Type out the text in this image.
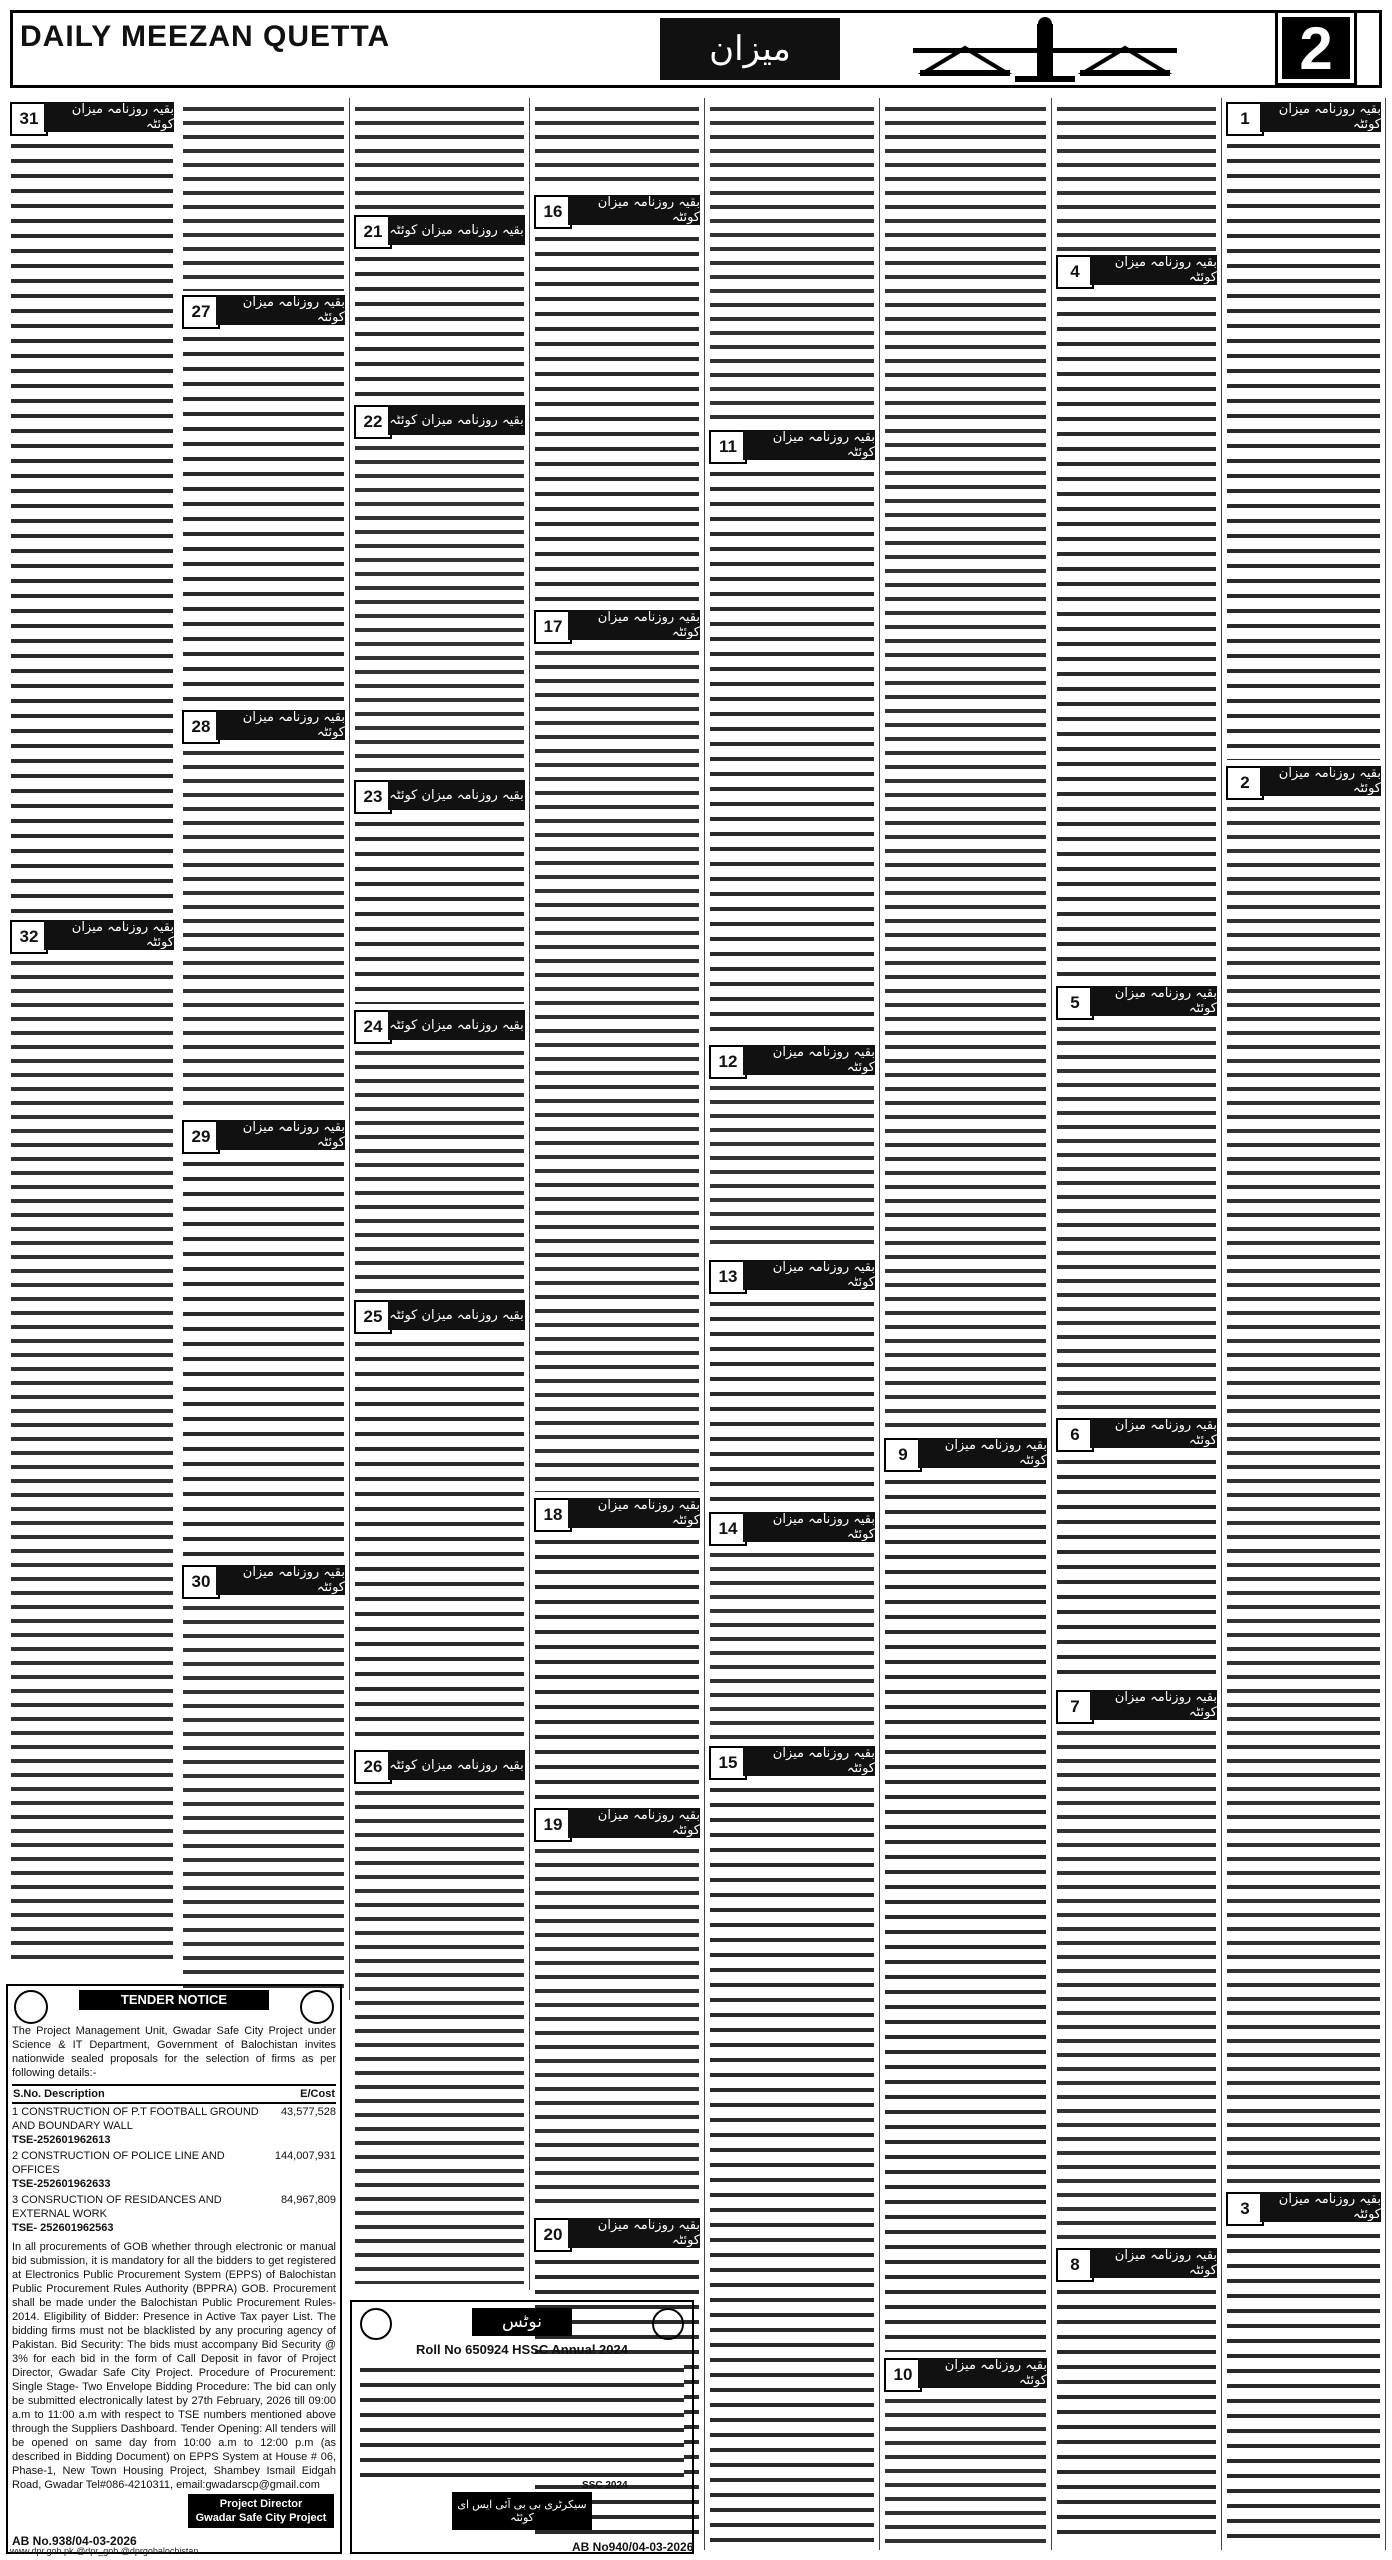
DAILY MEEZAN QUETTA	میزان	2
1	بقیہ روزنامہ میزان کوئٹہ
2	بقیہ روزنامہ میزان کوئٹہ
3	بقیہ روزنامہ میزان کوئٹہ
4	بقیہ روزنامہ میزان کوئٹہ
5	بقیہ روزنامہ میزان کوئٹہ
6	بقیہ روزنامہ میزان کوئٹہ
7	بقیہ روزنامہ میزان کوئٹہ
8	بقیہ روزنامہ میزان کوئٹہ
9	بقیہ روزنامہ میزان کوئٹہ
10	بقیہ روزنامہ میزان کوئٹہ
11	بقیہ روزنامہ میزان کوئٹہ
12	بقیہ روزنامہ میزان کوئٹہ
13	بقیہ روزنامہ میزان کوئٹہ
14	بقیہ روزنامہ میزان کوئٹہ
15	بقیہ روزنامہ میزان کوئٹہ
16	بقیہ روزنامہ میزان کوئٹہ
17	بقیہ روزنامہ میزان کوئٹہ
18	بقیہ روزنامہ میزان کوئٹہ
19	بقیہ روزنامہ میزان کوئٹہ
20	بقیہ روزنامہ میزان کوئٹہ
21 بقیہ روزنامہ میزان کوئٹہ
22 بقیہ روزنامہ میزان کوئٹہ
23 بقیہ روزنامہ میزان کوئٹہ
24 بقیہ روزنامہ میزان کوئٹہ
25 بقیہ روزنامہ میزان کوئٹہ
26 بقیہ روزنامہ میزان کوئٹہ
27	بقیہ روزنامہ میزان کوئٹہ
28	بقیہ روزنامہ میزان کوئٹہ
29	بقیہ روزنامہ میزان کوئٹہ
30	بقیہ روزنامہ میزان کوئٹہ
31	بقیہ روزنامہ میزان کوئٹہ
32	بقیہ روزنامہ میزان کوئٹہ
TENDER NOTICE
The Project Management Unit, Gwadar Safe City Project under Science & IT Department, Government of Balochistan invites nationwide sealed proposals for the selection of firms as per following details:-
S.No. Description	E/Cost
1 CONSTRUCTION OF P.T FOOTBALL GROUND AND BOUNDARY WALL
TSE-252601962613	43,577,528
2 CONSTRUCTION OF POLICE LINE AND OFFICES
TSE-252601962633	144,007,931
3 CONSRUCTION OF RESIDANCES AND EXTERNAL WORK
TSE- 252601962563	84,967,809
In all procurements of GOB whether through electronic or manual bid submission, it is mandatory for all the bidders to get registered at Electronics Public Procurement System (EPPS) of Balochistan Public Procurement Rules Authority (BPPRA) GOB. Procurement shall be made under the Balochistan Public Procurement Rules-2014. Eligibility of Bidder: Presence in Active Tax payer List. The bidding firms must not be blacklisted by any procuring agency of Pakistan. Bid Security: The bids must accompany Bid Security @ 3% for each bid in the form of Call Deposit in favor of Project Director, Gwadar Safe City Project. Procedure of Procurement: Single Stage- Two Envelope Bidding Procedure: The bid can only be submitted electronically latest by 27th February, 2026 till 09:00 a.m to 11:00 a.m with respect to TSE numbers mentioned above through the Suppliers Dashboard. Tender Opening: All tenders will be opened on same day from 10:00 a.m to 12:00 p.m (as described in Bidding Document) on EPPS System at House # 06, Phase-1, New Town Housing Project, Shambey Ismail Eidgah Road, Gwadar Tel#086-4210311, email:gwadarscp@gmail.com
Project Director
Gwadar Safe City Project
AB No.938/04-03-2026
نوٹس
Roll No 650924 HSSC Annual 2024
SSC 2024
سیکرٹری بی بی آئی ایس ای کوئٹہ
AB No940/04-03-2026
www.dpr.gob.pk @dpr_gob @dprgobalochistan
